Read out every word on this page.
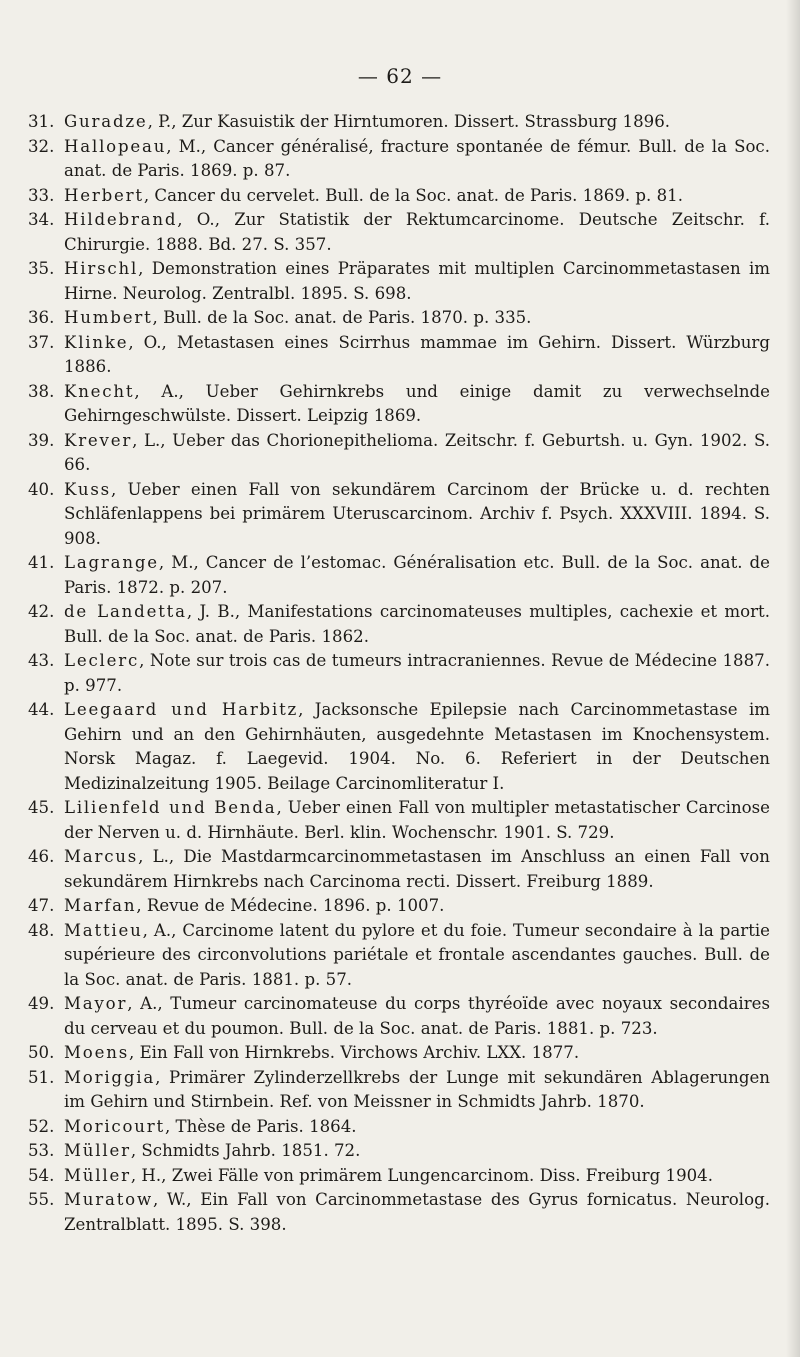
— 62 —
31. Guradze, P., Zur Kasuistik der Hirntumoren. Dissert. Strassburg 1896.
32. Hallopeau, M., Cancer généralisé, fracture spontanée de fémur. Bull. de la Soc. anat. de Paris. 1869. p. 87.
33. Herbert, Cancer du cervelet. Bull. de la Soc. anat. de Paris. 1869. p. 81.
34. Hildebrand, O., Zur Statistik der Rektumcarcinome. Deutsche Zeitschr. f. Chirurgie. 1888. Bd. 27. S. 357.
35. Hirschl, Demonstration eines Präparates mit multiplen Carcinommetastasen im Hirne. Neurolog. Zentralbl. 1895. S. 698.
36. Humbert, Bull. de la Soc. anat. de Paris. 1870. p. 335.
37. Klinke, O., Metastasen eines Scirrhus mammae im Gehirn. Dissert. Würzburg 1886.
38. Knecht, A., Ueber Gehirnkrebs und einige damit zu verwechselnde Gehirngeschwülste. Dissert. Leipzig 1869.
39. Krever, L., Ueber das Chorionepithelioma. Zeitschr. f. Geburtsh. u. Gyn. 1902. S. 66.
40. Kuss, Ueber einen Fall von sekundärem Carcinom der Brücke u. d. rechten Schläfenlappens bei primärem Uteruscarcinom. Archiv f. Psych. XXXVIII. 1894. S. 908.
41. Lagrange, M., Cancer de l’estomac. Généralisation etc. Bull. de la Soc. anat. de Paris. 1872. p. 207.
42. de Landetta, J. B., Manifestations carcinomateuses multiples, cachexie et mort. Bull. de la Soc. anat. de Paris. 1862.
43. Leclerc, Note sur trois cas de tumeurs intracraniennes. Revue de Médecine 1887. p. 977.
44. Leegaard und Harbitz, Jacksonsche Epilepsie nach Carcinommetastase im Gehirn und an den Gehirnhäuten, ausgedehnte Metastasen im Knochensystem. Norsk Magaz. f. Laegevid. 1904. No. 6. Referiert in der Deutschen Medizinalzeitung 1905. Beilage Carcinomliteratur I.
45. Lilienfeld und Benda, Ueber einen Fall von multipler metastatischer Carcinose der Nerven u. d. Hirnhäute. Berl. klin. Wochenschr. 1901. S. 729.
46. Marcus, L., Die Mastdarmcarcinommetastasen im Anschluss an einen Fall von sekundärem Hirnkrebs nach Carcinoma recti. Dissert. Freiburg 1889.
47. Marfan, Revue de Médecine. 1896. p. 1007.
48. Mattieu, A., Carcinome latent du pylore et du foie. Tumeur secondaire à la partie supérieure des circonvolutions pariétale et frontale ascendantes gauches. Bull. de la Soc. anat. de Paris. 1881. p. 57.
49. Mayor, A., Tumeur carcinomateuse du corps thyréoïde avec noyaux secondaires du cerveau et du poumon. Bull. de la Soc. anat. de Paris. 1881. p. 723.
50. Moens, Ein Fall von Hirnkrebs. Virchows Archiv. LXX. 1877.
51. Moriggia, Primärer Zylinderzellkrebs der Lunge mit sekundären Ablagerungen im Gehirn und Stirnbein. Ref. von Meissner in Schmidts Jahrb. 1870.
52. Moricourt, Thèse de Paris. 1864.
53. Müller, Schmidts Jahrb. 1851. 72.
54. Müller, H., Zwei Fälle von primärem Lungencarcinom. Diss. Freiburg 1904.
55. Muratow, W., Ein Fall von Carcinommetastase des Gyrus fornicatus. Neurolog. Zentralblatt. 1895. S. 398.
